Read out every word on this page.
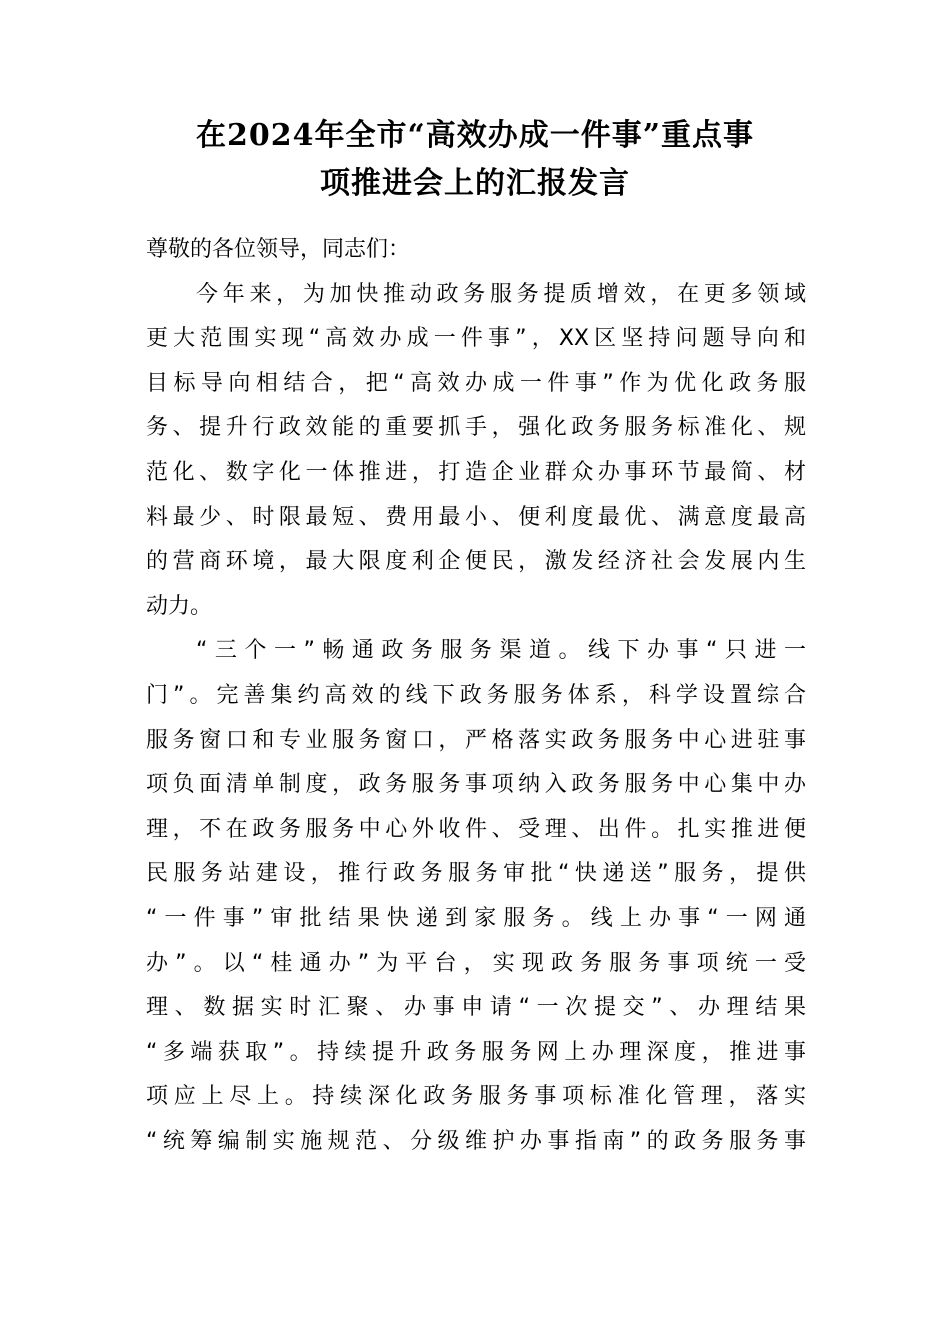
在2024年全市“高效办成一件事”重点事
项推进会上的汇报发言
尊敬的各位领导，同志们：
今年来，为加快推动政务服务提质增效，在更多领域
更大范围实现“高效办成一件事”，XX区坚持问题导向和
目标导向相结合，把“高效办成一件事”作为优化政务服
务、提升行政效能的重要抓手，强化政务服务标准化、规
范化、数字化一体推进，打造企业群众办事环节最简、材
料最少、时限最短、费用最小、便利度最优、满意度最高
的营商环境，最大限度利企便民，激发经济社会发展内生
动力。
“三个一”畅通政务服务渠道。线下办事“只进一
门”。完善集约高效的线下政务服务体系，科学设置综合
服务窗口和专业服务窗口，严格落实政务服务中心进驻事
项负面清单制度，政务服务事项纳入政务服务中心集中办
理，不在政务服务中心外收件、受理、出件。扎实推进便
民服务站建设，推行政务服务审批“快递送”服务，提供
“一件事”审批结果快递到家服务。线上办事“一网通
办”。以“桂通办”为平台，实现政务服务事项统一受
理、数据实时汇聚、办事申请“一次提交”、办理结果
“多端获取”。持续提升政务服务网上办理深度，推进事
项应上尽上。持续深化政务服务事项标准化管理，落实
“统筹编制实施规范、分级维护办事指南”的政务服务事
